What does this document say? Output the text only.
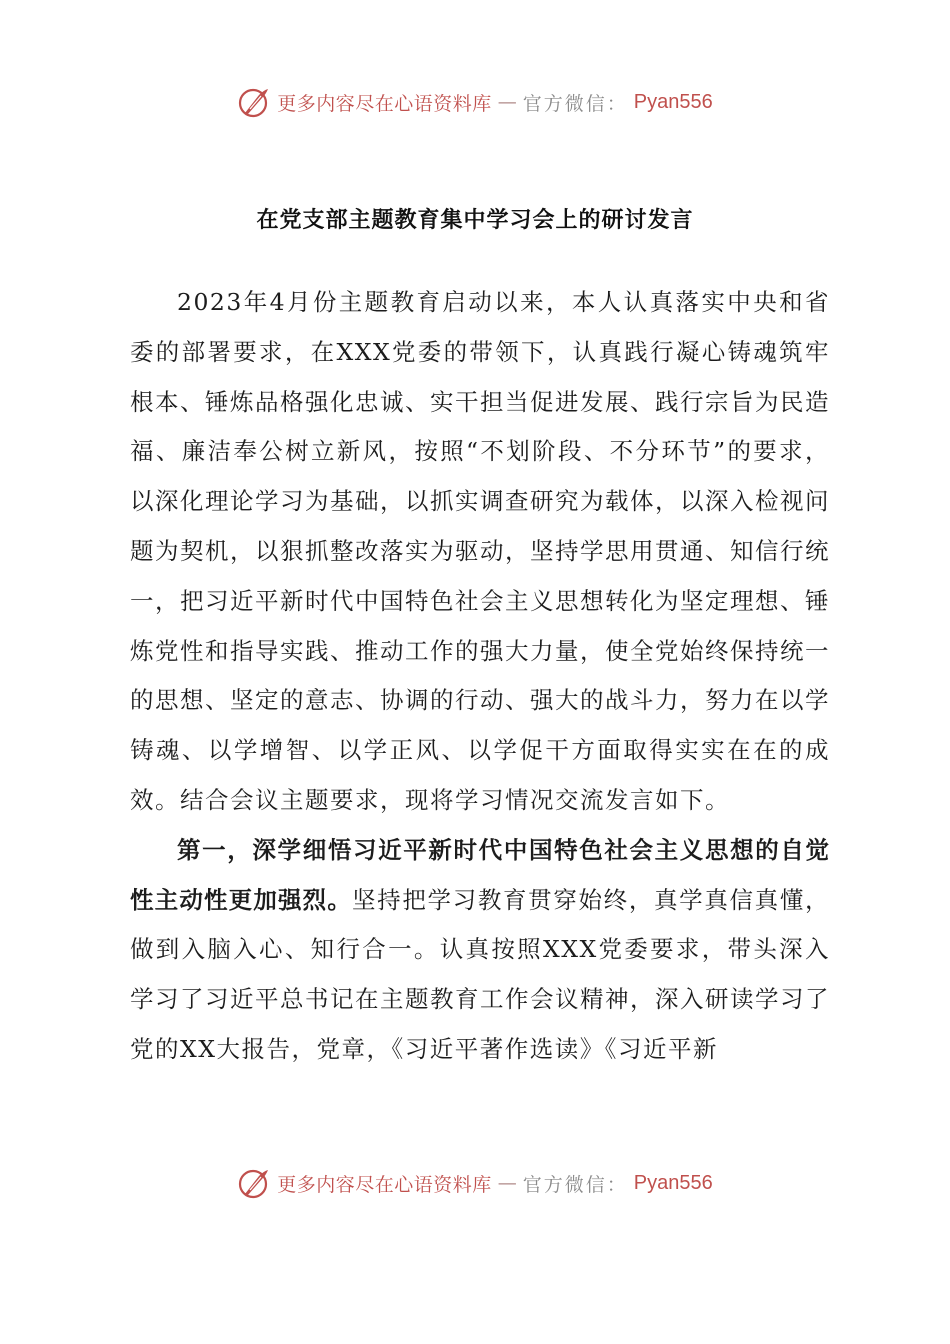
更多内容尽在心语资料库 — 官方微信： Pyan556
在党支部主题教育集中学习会上的研讨发言

2023年4月份主题教育启动以来，本人认真落实中央和省委的部署要求，在XXX党委的带领下，认真践行凝心铸魂筑牢根本、锤炼品格强化忠诚、实干担当促进发展、践行宗旨为民造福、廉洁奉公树立新风，按照“不划阶段、不分环节”的要求，以深化理论学习为基础，以抓实调查研究为载体，以深入检视问题为契机，以狠抓整改落实为驱动，坚持学思用贯通、知信行统一，把习近平新时代中国特色社会主义思想转化为坚定理想、锤炼党性和指导实践、推动工作的强大力量，使全党始终保持统一的思想、坚定的意志、协调的行动、强大的战斗力，努力在以学铸魂、以学增智、以学正风、以学促干方面取得实实在在的成效。结合会议主题要求，现将学习情况交流发言如下。

第一，深学细悟习近平新时代中国特色社会主义思想的自觉性主动性更加强烈。坚持把学习教育贯穿始终，真学真信真懂，做到入脑入心、知行合一。认真按照XXX党委要求，带头深入学习了习近平总书记在主题教育工作会议精神，深入研读学习了党的XX大报告，党章，《习近平著作选读》《习近平新

更多内容尽在心语资料库 — 官方微信： Pyan556
